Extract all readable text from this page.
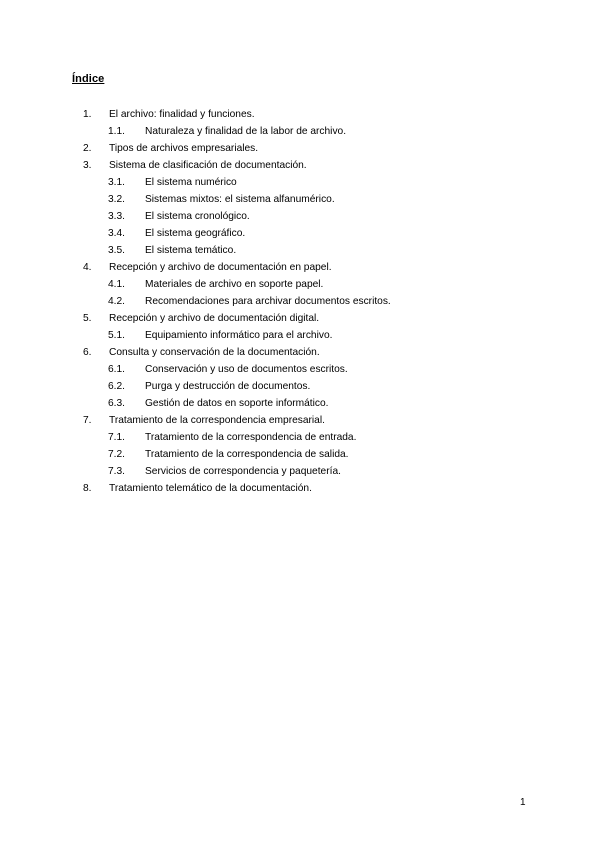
Índice
1. El archivo: finalidad y funciones.
1.1. Naturaleza y finalidad de la labor de archivo.
2. Tipos de archivos empresariales.
3. Sistema de clasificación de documentación.
3.1. El sistema numérico
3.2. Sistemas mixtos: el sistema alfanumérico.
3.3. El sistema cronológico.
3.4. El sistema geográfico.
3.5. El sistema temático.
4. Recepción y archivo de documentación en papel.
4.1. Materiales de archivo en soporte papel.
4.2. Recomendaciones para archivar documentos escritos.
5. Recepción y archivo de documentación digital.
5.1. Equipamiento informático para el archivo.
6. Consulta y conservación de la documentación.
6.1. Conservación y uso de documentos escritos.
6.2. Purga y destrucción de documentos.
6.3. Gestión de datos en soporte informático.
7. Tratamiento de la correspondencia empresarial.
7.1. Tratamiento de la correspondencia de entrada.
7.2. Tratamiento de la correspondencia de salida.
7.3. Servicios de correspondencia y paquetería.
8. Tratamiento telemático de la documentación.
1
